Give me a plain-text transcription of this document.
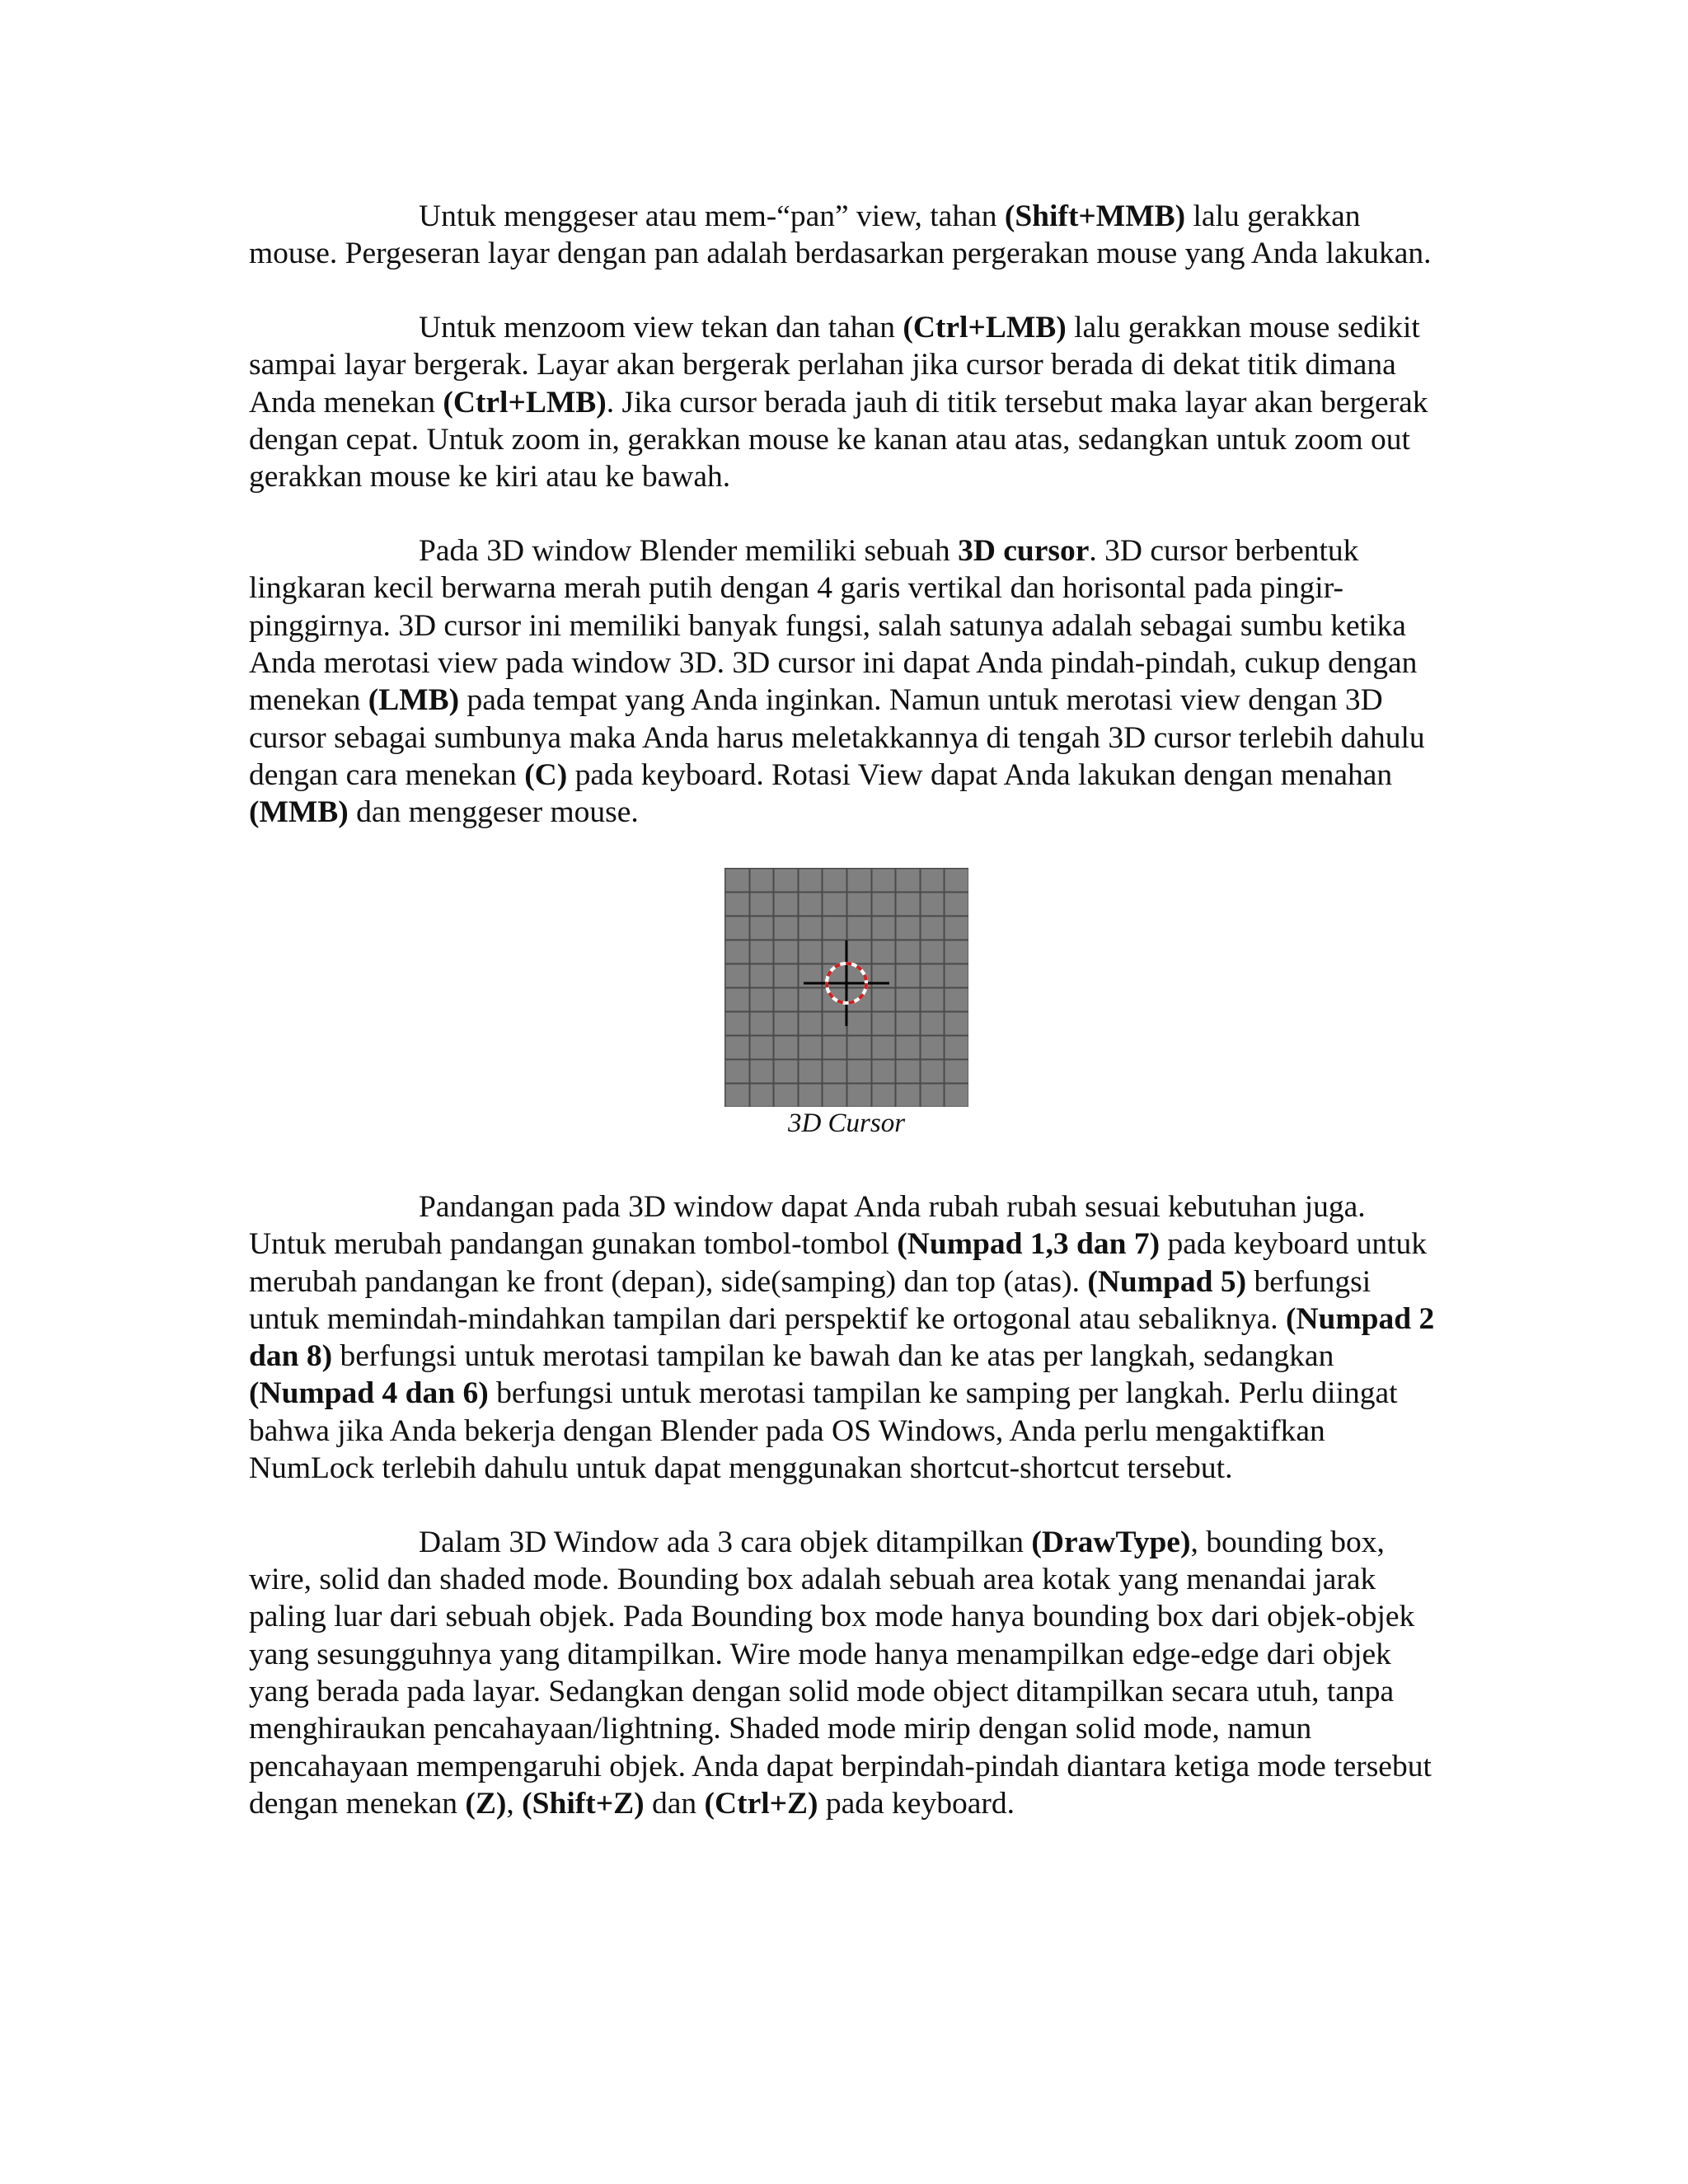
Untuk menggeser atau mem-“pan” view, tahan (Shift+MMB) lalu gerakkan mouse. Pergeseran layar dengan pan adalah berdasarkan pergerakan mouse yang Anda lakukan.

Untuk menzoom view tekan dan tahan (Ctrl+LMB) lalu gerakkan mouse sedikit sampai layar bergerak. Layar akan bergerak perlahan jika cursor berada di dekat titik dimana Anda menekan (Ctrl+LMB). Jika cursor berada jauh di titik tersebut maka layar akan bergerak dengan cepat. Untuk zoom in, gerakkan mouse ke kanan atau atas, sedangkan untuk zoom out gerakkan mouse ke kiri atau ke bawah.

Pada 3D window Blender memiliki sebuah 3D cursor. 3D cursor berbentuk lingkaran kecil berwarna merah putih dengan 4 garis vertikal dan horisontal pada pingir-pinggirnya. 3D cursor ini memiliki banyak fungsi, salah satunya adalah sebagai sumbu ketika Anda merotasi view pada window 3D. 3D cursor ini dapat Anda pindah-pindah, cukup dengan menekan (LMB) pada tempat yang Anda inginkan. Namun untuk merotasi view dengan 3D cursor sebagai sumbunya maka Anda harus meletakkannya di tengah 3D cursor terlebih dahulu dengan cara menekan (C) pada keyboard. Rotasi View dapat Anda lakukan dengan menahan (MMB) dan menggeser mouse.

3D Cursor

Pandangan pada 3D window dapat Anda rubah rubah sesuai kebutuhan juga. Untuk merubah pandangan gunakan tombol-tombol (Numpad 1,3 dan 7) pada keyboard untuk merubah pandangan ke front (depan), side(samping) dan top (atas). (Numpad 5) berfungsi untuk memindah-mindahkan tampilan dari perspektif ke ortogonal atau sebaliknya. (Numpad 2 dan 8) berfungsi untuk merotasi tampilan ke bawah dan ke atas per langkah, sedangkan (Numpad 4 dan 6) berfungsi untuk merotasi tampilan ke samping per langkah. Perlu diingat bahwa jika Anda bekerja dengan Blender pada OS Windows, Anda perlu mengaktifkan NumLock terlebih dahulu untuk dapat menggunakan shortcut-shortcut tersebut.

Dalam 3D Window ada 3 cara objek ditampilkan (DrawType), bounding box, wire, solid dan shaded mode. Bounding box adalah sebuah area kotak yang menandai jarak paling luar dari sebuah objek. Pada Bounding box mode hanya bounding box dari objek-objek yang sesungguhnya yang ditampilkan. Wire mode hanya menampilkan edge-edge dari objek yang berada pada layar. Sedangkan dengan solid mode object ditampilkan secara utuh, tanpa menghiraukan pencahayaan/lightning. Shaded mode mirip dengan solid mode, namun pencahayaan mempengaruhi objek. Anda dapat berpindah-pindah diantara ketiga mode tersebut dengan menekan (Z), (Shift+Z) dan (Ctrl+Z) pada keyboard.
